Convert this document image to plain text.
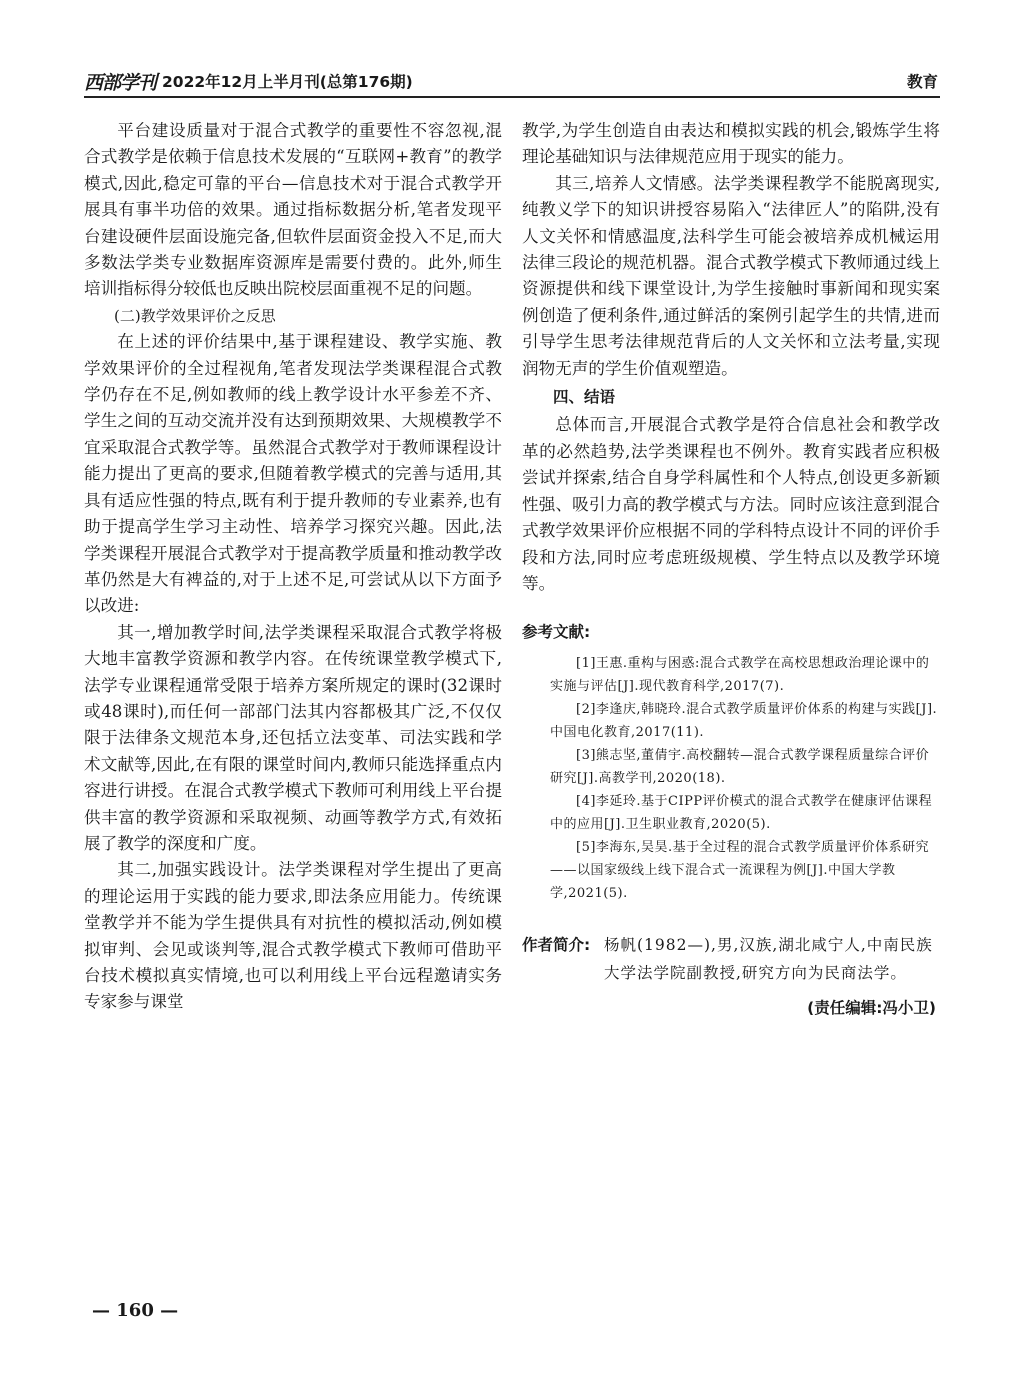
西部学刊 2022年12月上半月刊(总第176期)	教育

平台建设质量对于混合式教学的重要性不容忽视,混合式教学是依赖于信息技术发展的“互联网+教育”的教学模式,因此,稳定可靠的平台—信息技术对于混合式教学开展具有事半功倍的效果。通过指标数据分析,笔者发现平台建设硬件层面设施完备,但软件层面资金投入不足,而大多数法学类专业数据库资源库是需要付费的。此外,师生培训指标得分较低也反映出院校层面重视不足的问题。

(二)教学效果评价之反思

在上述的评价结果中,基于课程建设、教学实施、教学效果评价的全过程视角,笔者发现法学类课程混合式教学仍存在不足,例如教师的线上教学设计水平参差不齐、学生之间的互动交流并没有达到预期效果、大规模教学不宜采取混合式教学等。虽然混合式教学对于教师课程设计能力提出了更高的要求,但随着教学模式的完善与适用,其具有适应性强的特点,既有利于提升教师的专业素养,也有助于提高学生学习主动性、培养学习探究兴趣。因此,法学类课程开展混合式教学对于提高教学质量和推动教学改革仍然是大有裨益的,对于上述不足,可尝试从以下方面予以改进:

其一,增加教学时间,法学类课程采取混合式教学将极大地丰富教学资源和教学内容。在传统课堂教学模式下,法学专业课程通常受限于培养方案所规定的课时(32课时或48课时),而任何一部部门法其内容都极其广泛,不仅仅限于法律条文规范本身,还包括立法变革、司法实践和学术文献等,因此,在有限的课堂时间内,教师只能选择重点内容进行讲授。在混合式教学模式下教师可利用线上平台提供丰富的教学资源和采取视频、动画等教学方式,有效拓展了教学的深度和广度。

其二,加强实践设计。法学类课程对学生提出了更高的理论运用于实践的能力要求,即法条应用能力。传统课堂教学并不能为学生提供具有对抗性的模拟活动,例如模拟审判、会见或谈判等,混合式教学模式下教师可借助平台技术模拟真实情境,也可以利用线上平台远程邀请实务专家参与课堂

教学,为学生创造自由表达和模拟实践的机会,锻炼学生将理论基础知识与法律规范应用于现实的能力。

其三,培养人文情感。法学类课程教学不能脱离现实,纯教义学下的知识讲授容易陷入“法律匠人”的陷阱,没有人文关怀和情感温度,法科学生可能会被培养成机械运用法律三段论的规范机器。混合式教学模式下教师通过线上资源提供和线下课堂设计,为学生接触时事新闻和现实案例创造了便利条件,通过鲜活的案例引起学生的共情,进而引导学生思考法律规范背后的人文关怀和立法考量,实现润物无声的学生价值观塑造。

四、结语

总体而言,开展混合式教学是符合信息社会和教学改革的必然趋势,法学类课程也不例外。教育实践者应积极尝试并探索,结合自身学科属性和个人特点,创设更多新颖性强、吸引力高的教学模式与方法。同时应该注意到混合式教学效果评价应根据不同的学科特点设计不同的评价手段和方法,同时应考虑班级规模、学生特点以及教学环境等。

参考文献:

[1]王惠.重构与困惑:混合式教学在高校思想政治理论课中的实施与评估[J].现代教育科学,2017(7).

[2]李逢庆,韩晓玲.混合式教学质量评价体系的构建与实践[J].中国电化教育,2017(11).

[3]熊志坚,董倩宇.高校翻转—混合式教学课程质量综合评价研究[J].高教学刊,2020(18).

[4]李延玲.基于CIPP评价模式的混合式教学在健康评估课程中的应用[J].卫生职业教育,2020(5).

[5]李海东,吴昊.基于全过程的混合式教学质量评价体系研究——以国家级线上线下混合式一流课程为例[J].中国大学教学,2021(5).

作者简介: 杨帆(1982—),男,汉族,湖北咸宁人,中南民族大学法学院副教授,研究方向为民商法学。
(责任编辑:冯小卫)
— 160 —
